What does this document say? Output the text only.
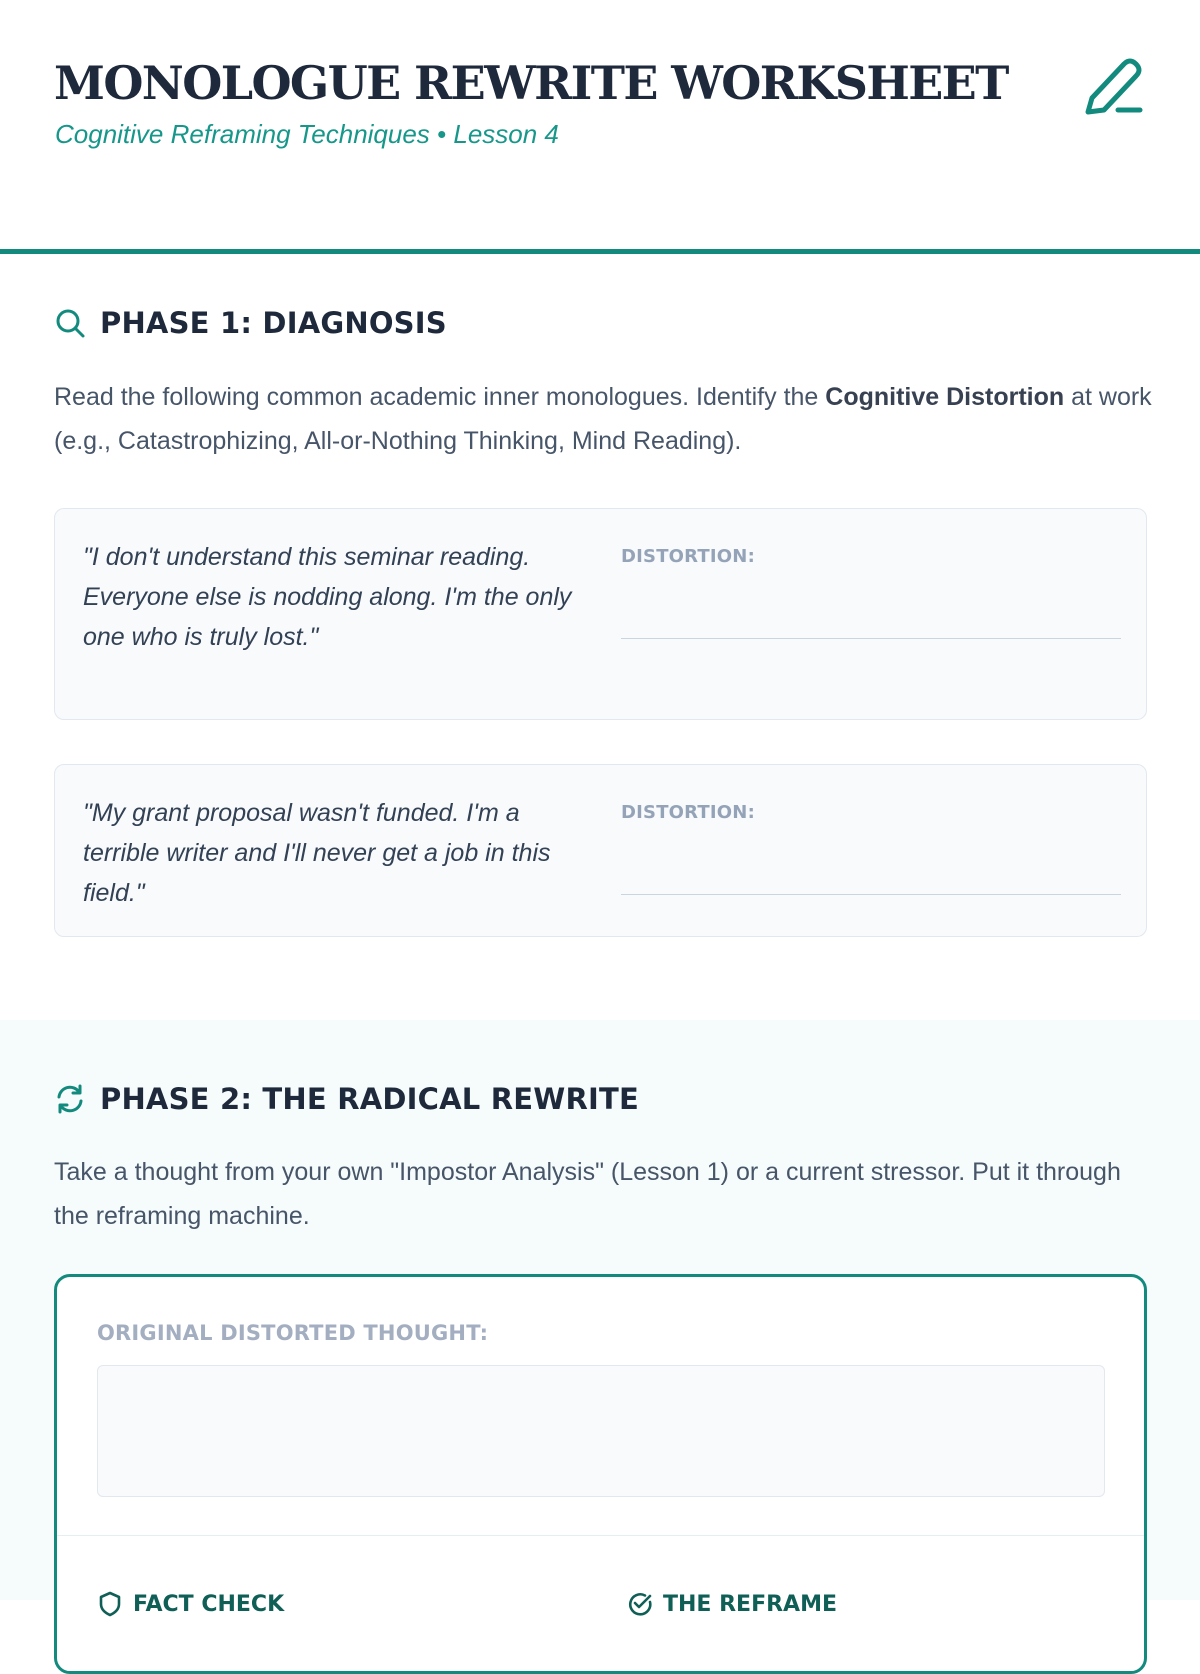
MONOLOGUE REWRITE WORKSHEET
Cognitive Reframing Techniques • Lesson 4
PHASE 1: DIAGNOSIS

Read the following common academic inner monologues. Identify the Cognitive Distortion at work (e.g., Catastrophizing, All-or-Nothing Thinking, Mind Reading).

"I don't understand this seminar reading. Everyone else is nodding along. I'm the only one who is truly lost."

DISTORTION:

"My grant proposal wasn't funded. I'm a terrible writer and I'll never get a job in this field."

DISTORTION:
PHASE 2: THE RADICAL REWRITE

Take a thought from your own "Impostor Analysis" (Lesson 1) or a current stressor. Put it through the reframing machine.

ORIGINAL DISTORTED THOUGHT:
FACT CHECK	THE REFRAME
